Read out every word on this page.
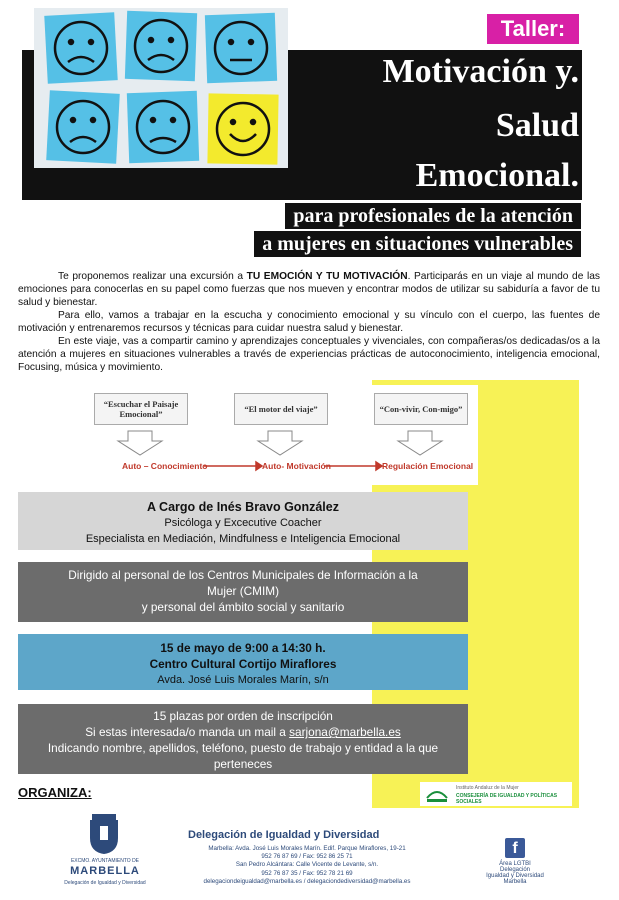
Taller:
Motivación y.
Salud
Emocional.
para profesionales de la atención
a mujeres en situaciones vulnerables

Te proponemos realizar una excursión a TU EMOCIÓN Y TU MOTIVACIÓN. Participarás en un viaje al mundo de las emociones para conocerlas en su papel como fuerzas que nos mueven y encontrar modos de utilizar su sabiduría a favor de tu salud y bienestar.

Para ello, vamos a trabajar en la escucha y conocimiento emocional y su vínculo con el cuerpo, las fuentes de motivación y entrenaremos recursos y técnicas para cuidar nuestra salud y bienestar.

En este viaje, vas a compartir camino y aprendizajes conceptuales y vivenciales, con compañeras/os dedicadas/os a la atención a mujeres en situaciones vulnerables a través de experiencias prácticas de autoconocimiento, inteligencia emocional, Focusing, música y movimiento.

“Escuchar el Paisaje Emocional”	“El motor del viaje”	“Con-vivir, Con-migo”
Auto – Conocimiento	Auto- Motivación	Regulación Emocional
A Cargo de Inés Bravo González
Psicóloga y Excecutive Coacher
Especialista en Mediación, Mindfulness e Inteligencia Emocional
Dirigido al personal de los Centros Municipales de Información a la
Mujer (CMIM)
y personal del ámbito social y sanitario
15 de mayo de 9:00 a 14:30 h.
Centro Cultural Cortijo Miraflores
Avda. José Luis Morales Marín, s/n
15 plazas por orden de inscripción
Si estas interesada/o manda un mail a sarjona@marbella.es
Indicando nombre, apellidos, teléfono, puesto de trabajo y entidad a la que
perteneces
Instituto Andaluz de la Mujer
CONSEJERÍA DE IGUALDAD Y POLÍTICAS SOCIALES
ORGANIZA:
EXCMO. AYUNTAMIENTO DE
MARBELLA
Delegación de Igualdad y Diversidad
Delegación de Igualdad y Diversidad
Marbella: Avda. José Luis Morales Marín. Edif. Parque Miraflores, 19-21
952 76 87 69 / Fax: 952 86 25 71
San Pedro Alcántara: Calle Vicente de Levante, s/n.
952 76 87 35 / Fax: 952 78 21 69
delegaciondeigualdad@marbella.es / delegaciondediversidad@marbella.es
f
Área LGTBI Delegación
Igualdad y Diversidad
Marbella
